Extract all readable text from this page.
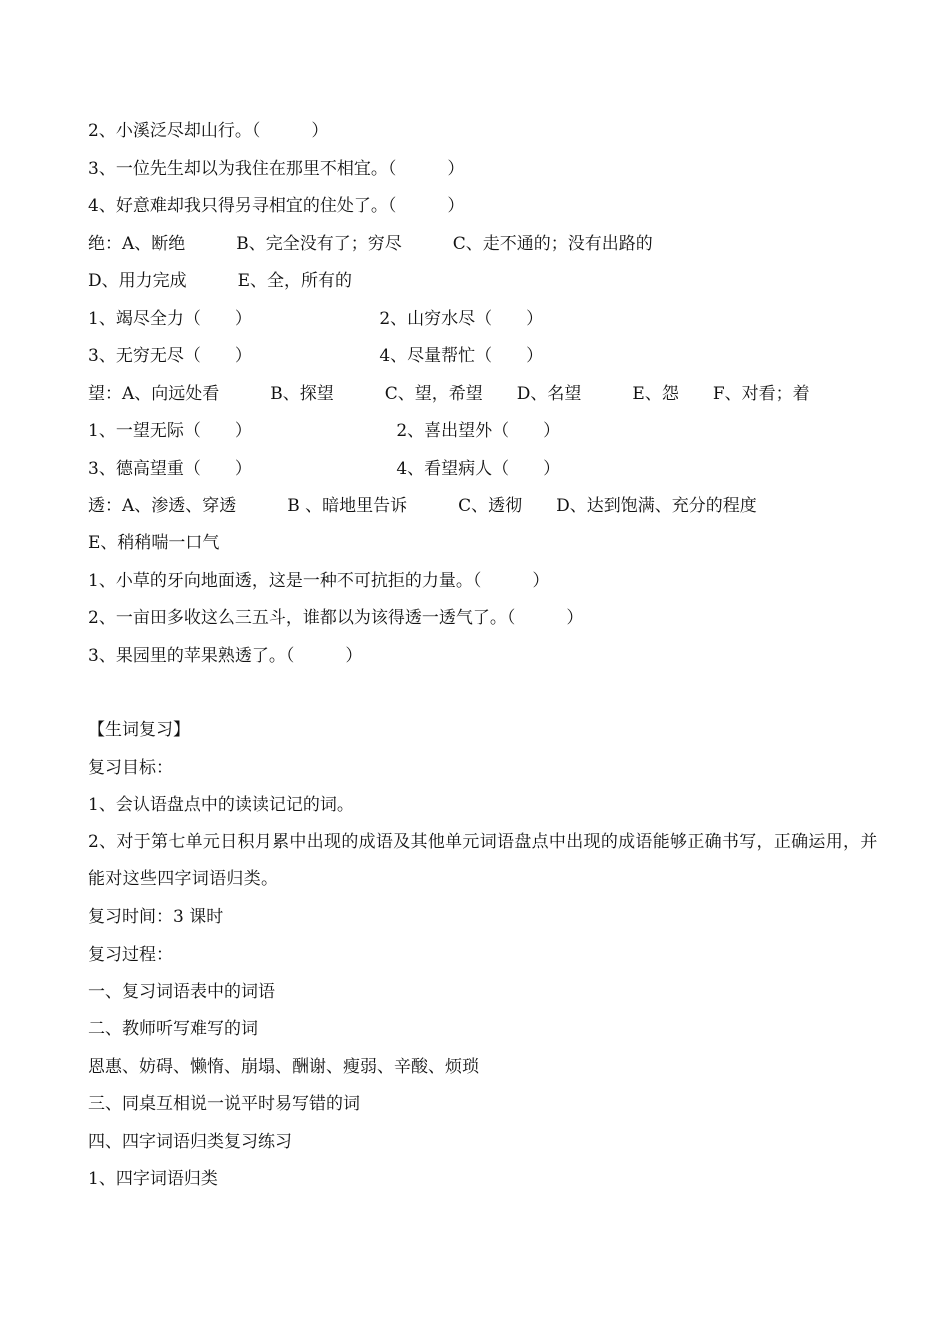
2、小溪泛尽却山行。（　　　）
3、一位先生却以为我住在那里不相宜。（　　　）
4、好意难却我只得另寻相宜的住处了。（　　　）
绝：A、断绝　　　B、完全没有了；穷尽　　　C、走不通的；没有出路的
D、用力完成　　　E、全，所有的
1、竭尽全力（　　）　　　　　　　　2、山穷水尽（　　）
3、无穷无尽（　　）　　　　　　　　4、尽量帮忙（　　）
望：A、向远处看　　　B、探望　　　C、望，希望　　D、名望　　　E、怨　　F、对看；着
1、一望无际（　　）　　　　　　　　　2、喜出望外（　　）
3、德高望重（　　）　　　　　　　　　4、看望病人（　　）
透：A、渗透、穿透　　　B 、暗地里告诉　　　C、透彻　　D、达到饱满、充分的程度
E、稍稍喘一口气
1、小草的牙向地面透，这是一种不可抗拒的力量。（　　　）
2、一亩田多收这么三五斗，谁都以为该得透一透气了。（　　　）
3、果园里的苹果熟透了。（　　　）
【生词复习】
复习目标：
1、会认语盘点中的读读记记的词。
2、对于第七单元日积月累中出现的成语及其他单元词语盘点中出现的成语能够正确书写，正确运用，并能对这些四字词语归类。
复习时间：3 课时
复习过程：
一、复习词语表中的词语
二、教师听写难写的词
恩惠、妨碍、懒惰、崩塌、酬谢、瘦弱、辛酸、烦琐
三、同桌互相说一说平时易写错的词
四、四字词语归类复习练习
1、四字词语归类
